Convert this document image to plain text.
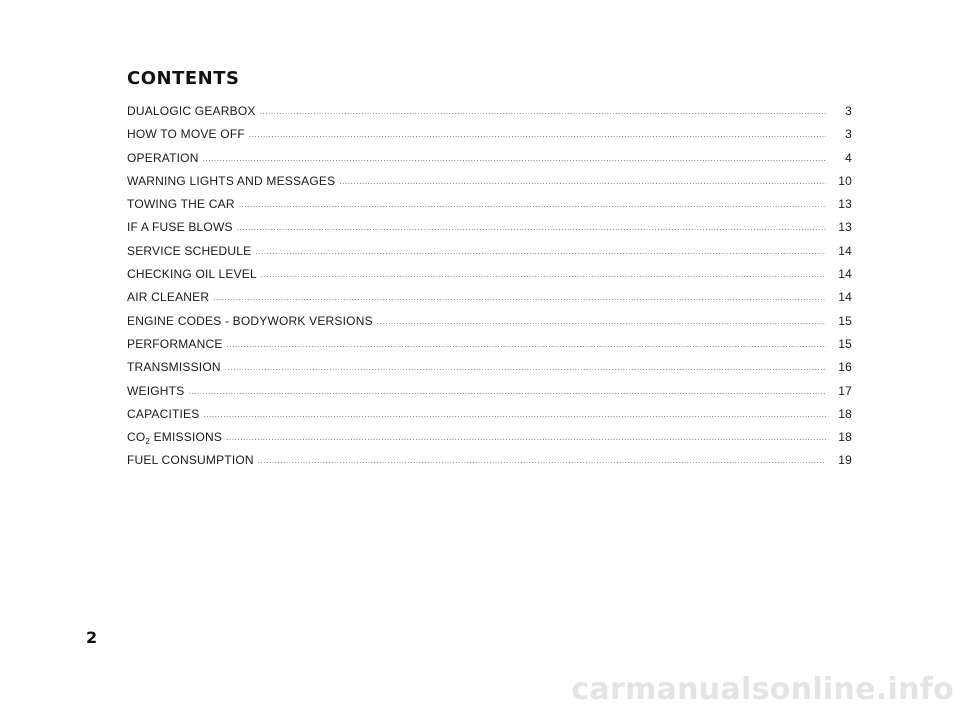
CONTENTS
DUALOGIC GEARBOX .....	3
HOW TO MOVE OFF .....	3
OPERATION .....	4
WARNING LIGHTS AND MESSAGES .....	10
TOWING THE CAR .....	13
IF A FUSE BLOWS .....	13
SERVICE SCHEDULE .....	14
CHECKING OIL LEVEL .....	14
AIR CLEANER .....	14
ENGINE CODES - BODYWORK VERSIONS .....	15
PERFORMANCE .....	15
TRANSMISSION .....	16
WEIGHTS .....	17
CAPACITIES .....	18
$CO_2$ EMISSIONS .....	18
FUEL CONSUMPTION .....	19
2
carmanualsonline.info
